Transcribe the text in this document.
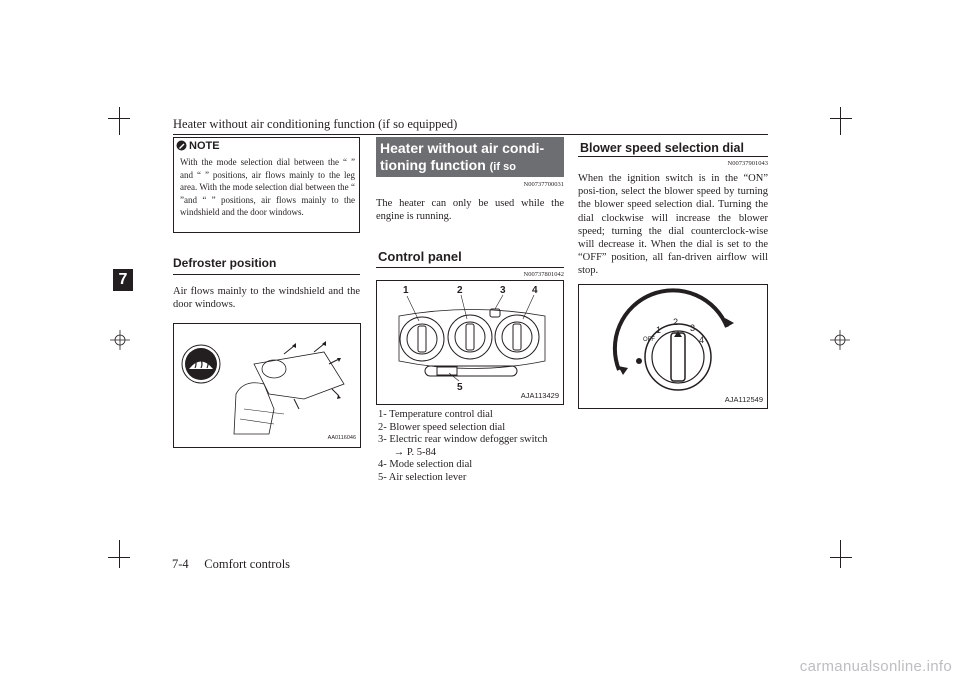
Heater without air conditioning function (if so equipped)
7
NOTE
With the mode selection dial between the “ ” and “ ” positions, air flows mainly to the leg area. With the mode selection dial between the “ ”and “ ” positions, air flows mainly to the windshield and the door windows.
Defroster position
Air flows mainly to the windshield and the door windows.
AA0116046
Heater without air condi-
tioning function (if so equipped)	N00737700031
The heater can only be used while the engine is running.
Control panel
N00737801042
1	2	3	4
5
AJA113429
1- Temperature control dial
2- Blower speed selection dial
3- Electric rear window defogger switch
→ P. 5-84
4- Mode selection dial
5- Air selection lever
Blower speed selection dial
N00737901043
When the ignition switch is in the “ON” posi-tion, select the blower speed by turning the blower speed selection dial. Turning the dial clockwise will increase the blower speed; turning the dial counterclock-wise will decrease it. When the dial is set to the “OFF” position, all fan-driven airflow will stop.
OFF
1
2
3
4
AJA112549
7-4     Comfort controls
carmanualsonline.info
